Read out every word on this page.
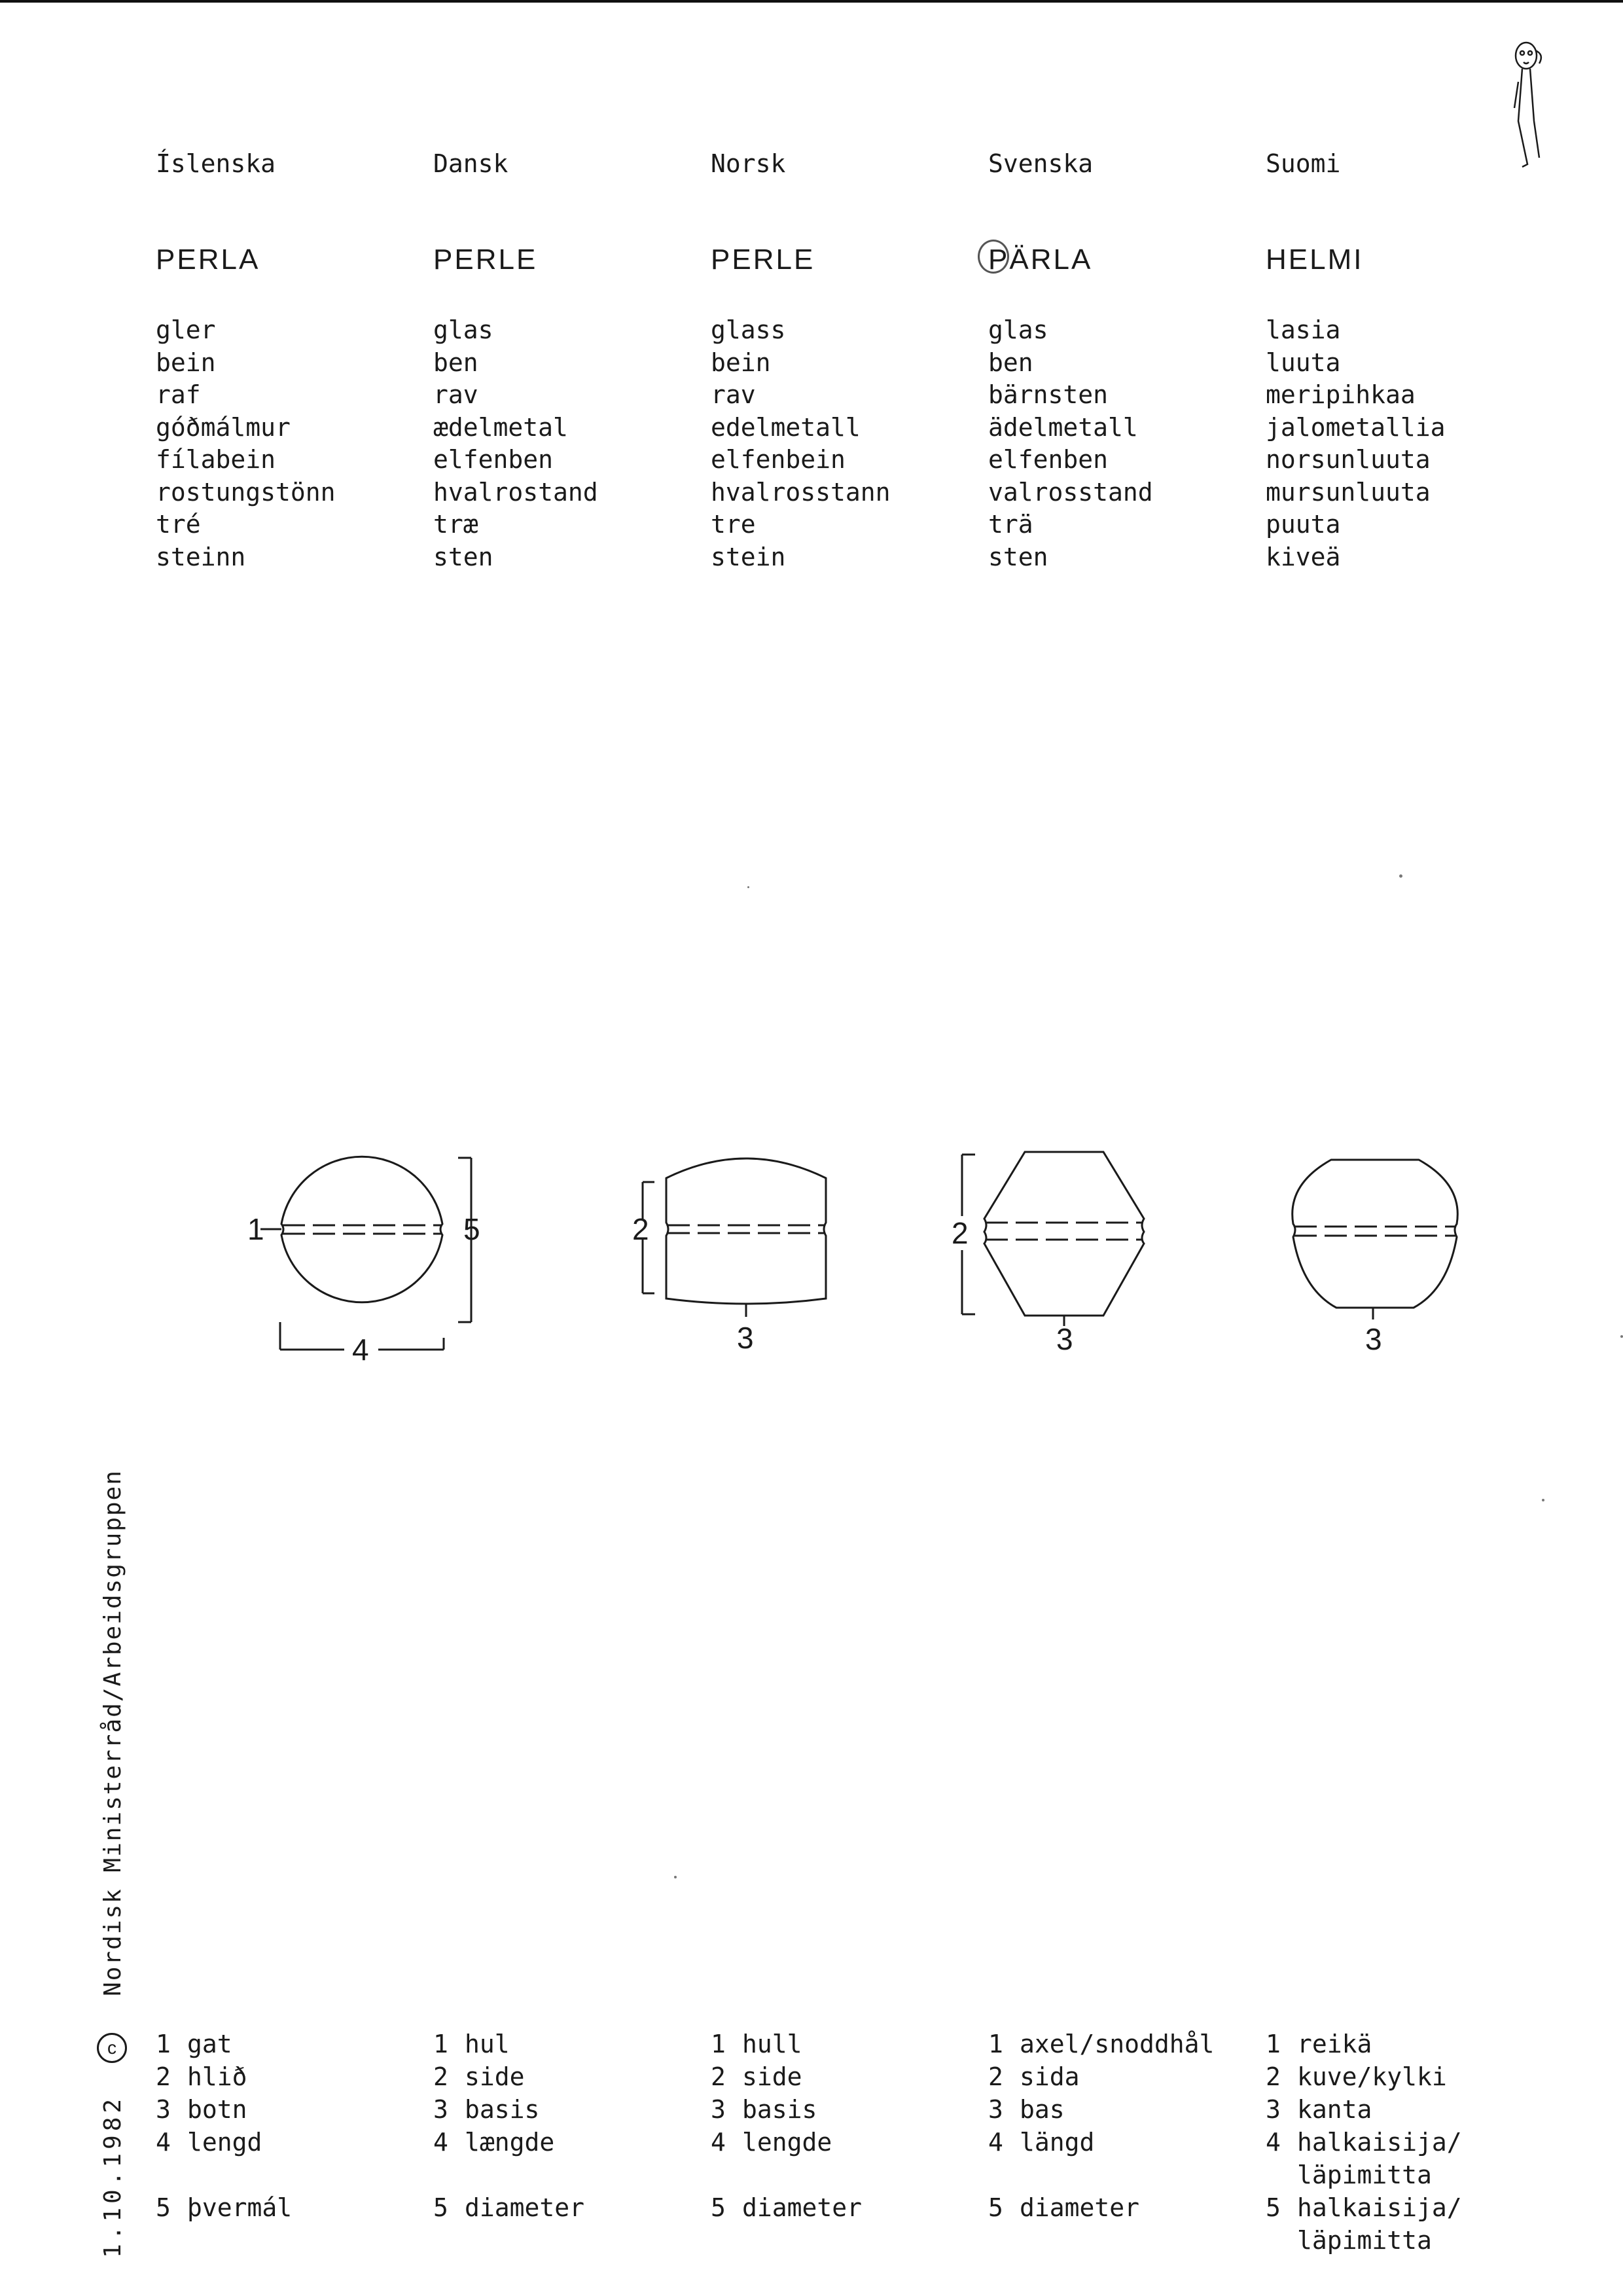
Íslenska
PERLA
gler
bein
raf
góðmálmur
fílabein
rostungstönn
tré
steinn
1 gat
2 hlið
3 botn
4 lengd

5 þvermál
Dansk
PERLE
glas
ben
rav
ædelmetal
elfenben
hvalrostand
træ
sten
1 hul
2 side
3 basis
4 længde

5 diameter
Norsk
PERLE
glass
bein
rav
edelmetall
elfenbein
hvalrosstann
tre
stein
1 hull
2 side
3 basis
4 lengde

5 diameter
Svenska
PÄRLA
glas
ben
bärnsten
ädelmetall
elfenben
valrosstand
trä
sten
1 axel/snoddhål
2 sida
3 bas
4 längd

5 diameter
Suomi
HELMI
lasia
luuta
meripihkaa
jalometallia
norsunluuta
mursunluuta
puuta
kiveä
1 reikä
2 kuve/kylki
3 kanta
4 halkaisija/
läpimitta
5 halkaisija/
läpimitta
1	5
4
2
3
2
3	3
c
Nordisk Ministerråd/Arbeidsgruppen
1.10.1982
